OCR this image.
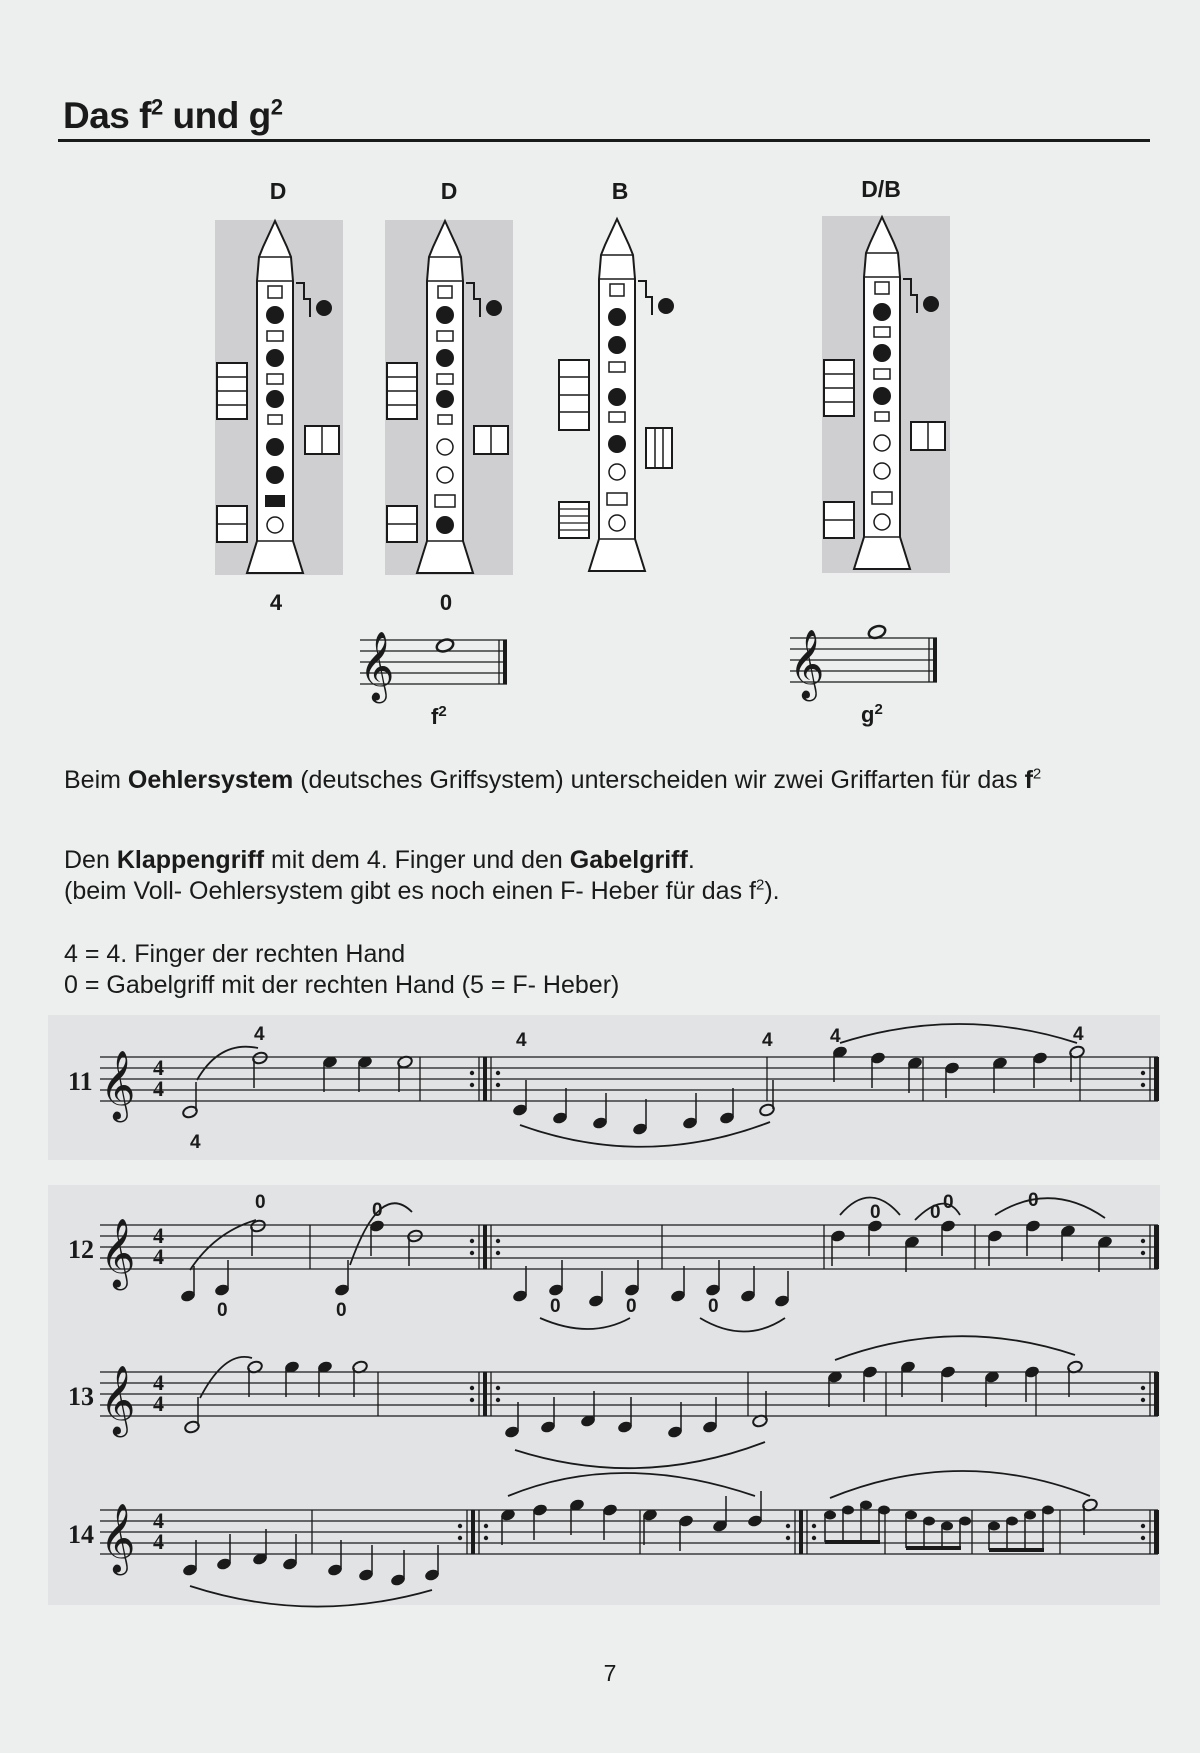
Das $f^2$ und $g^2$
D	D	B	D/B
4	0
𝄞
$f^2$
𝄞
$g^2$
Beim Oehlersystem (deutsches Griffsystem) unterscheiden wir zwei Griffarten für das $f^2$
Den Klappengriff mit dem 4. Finger und den Gabelgriff.
(beim Voll- Oehlersystem gibt es noch einen F- Heber für das $f^2$).
4 = 4. Finger der rechten Hand
0 = Gabelgriff mit der rechten Hand (5 = F- Heber)
𝄞 4
4
4
4
4	4	4	4
11
𝄞 4
4
0
0
0
0	0	0	0
0	0	0
0
12
𝄞 4
4
13
𝄞 4
4
14
7
